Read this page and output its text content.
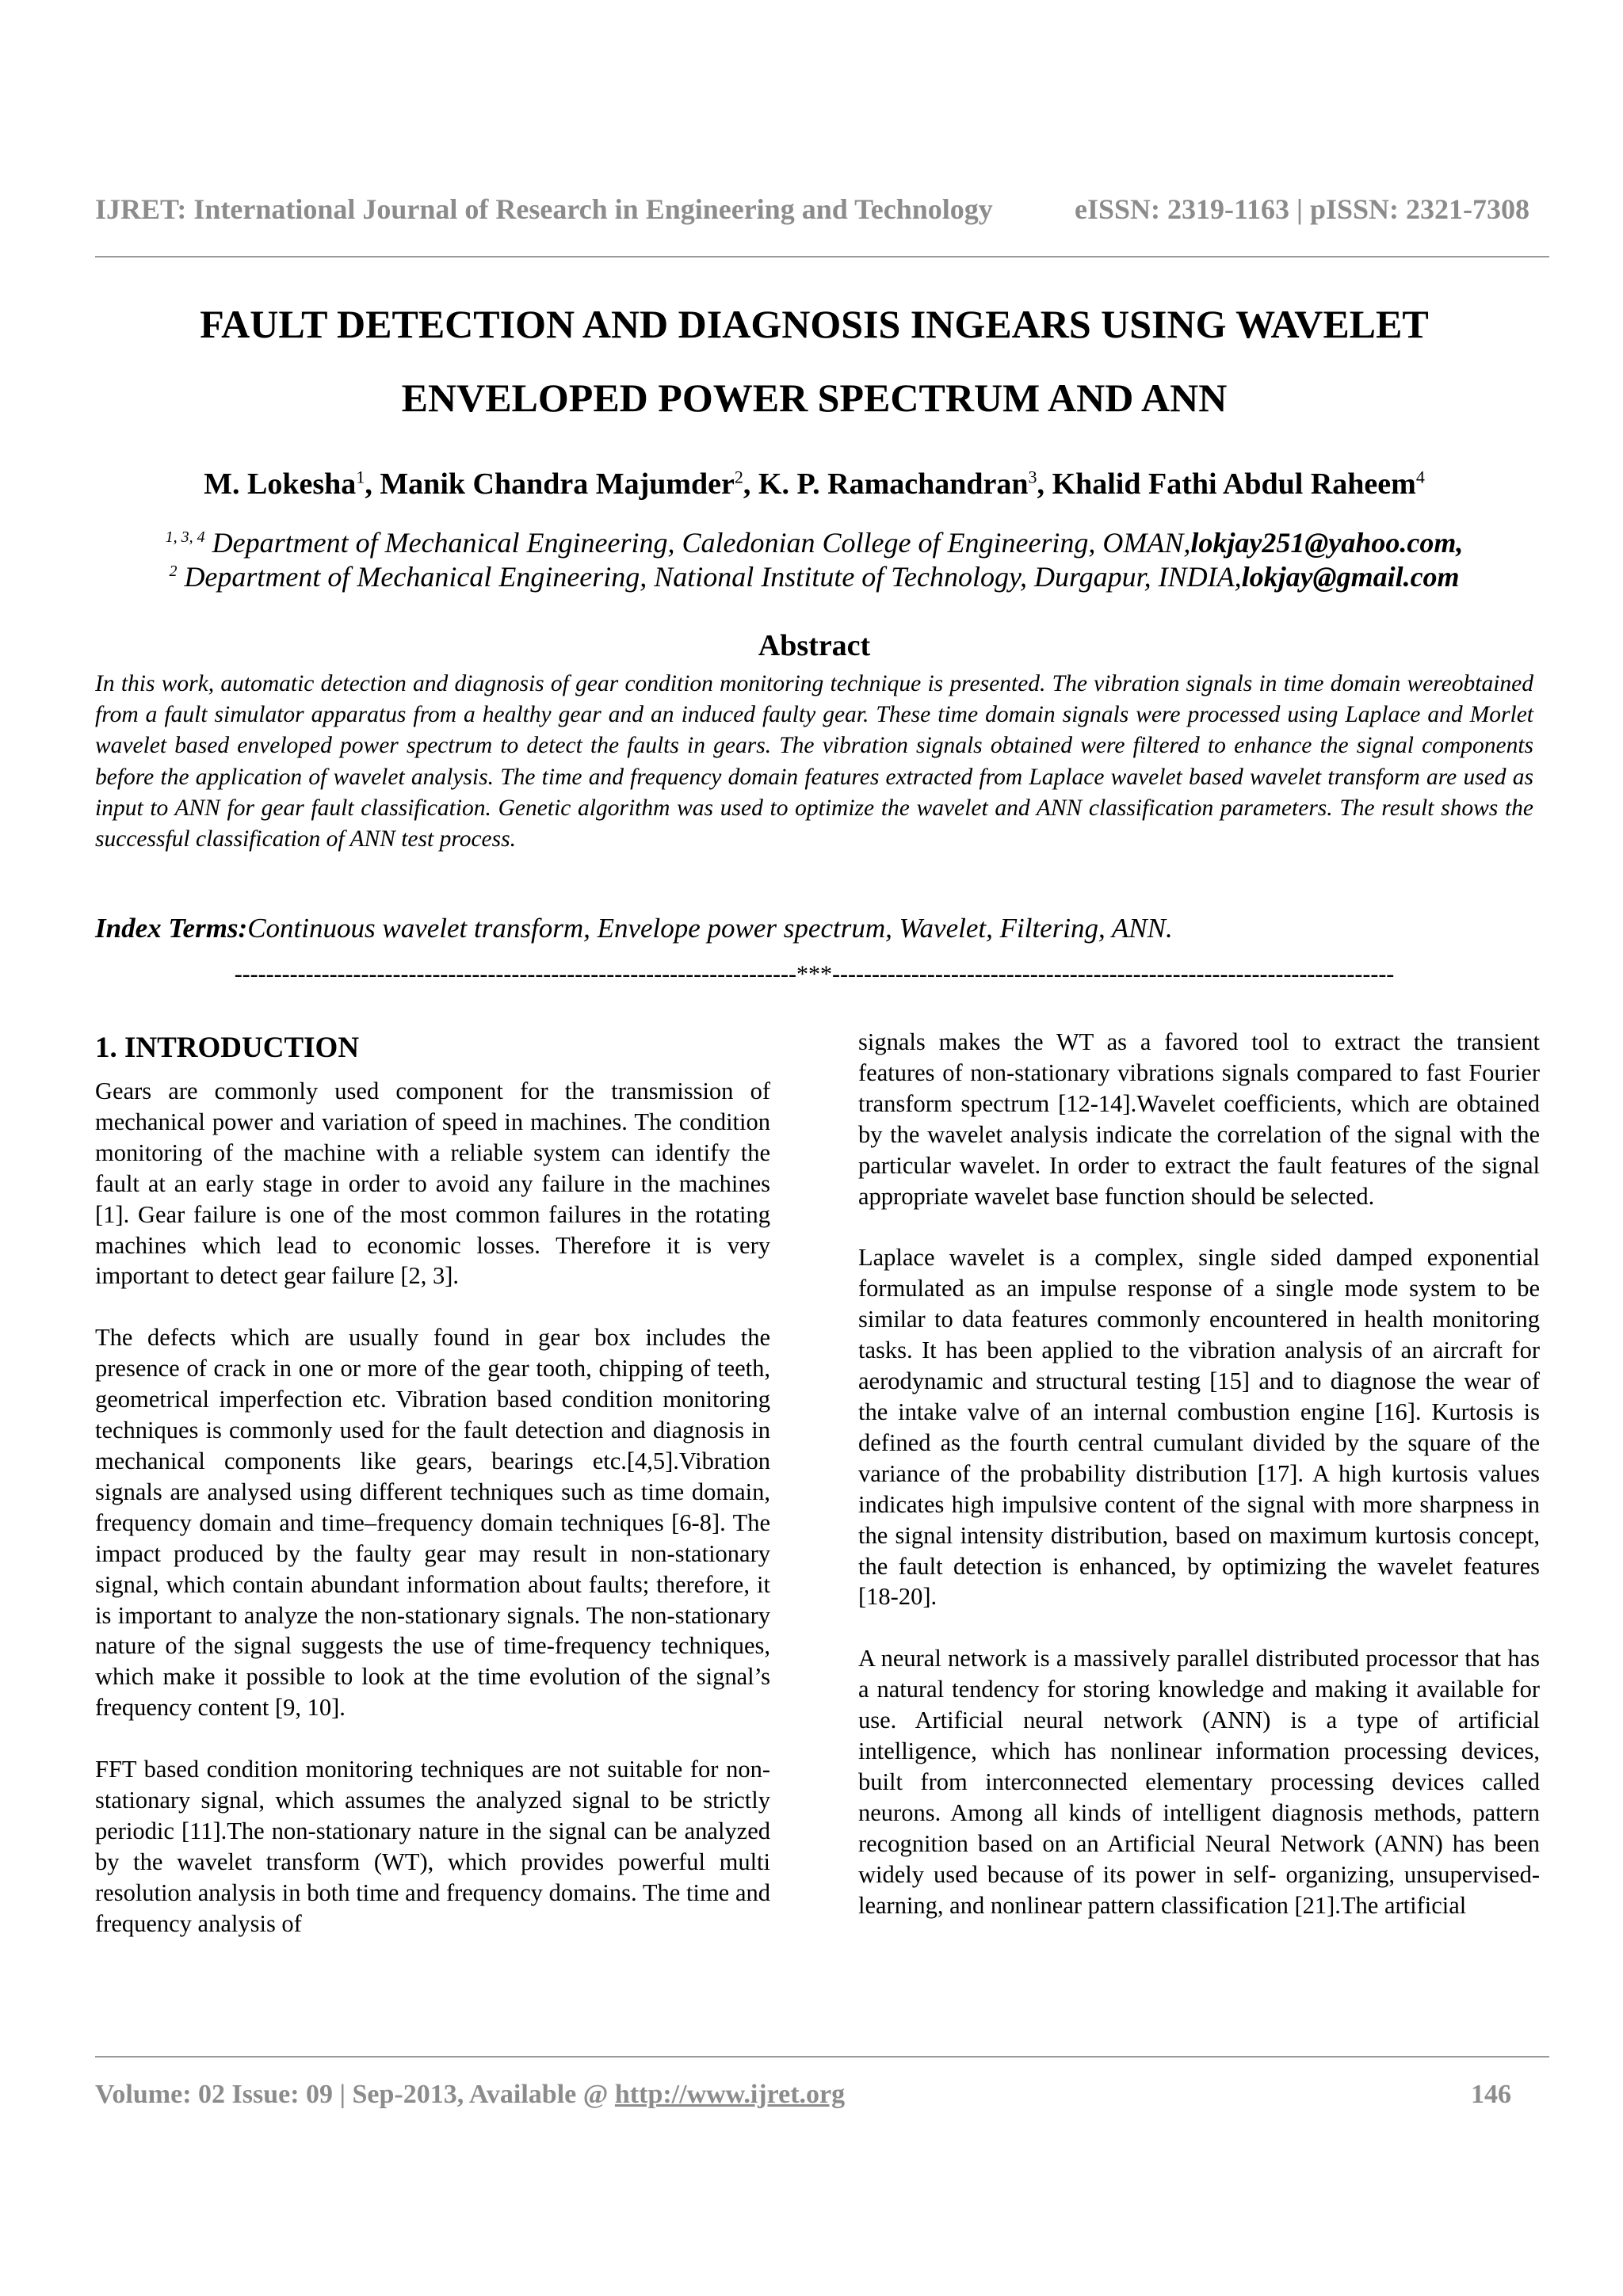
IJRET: International Journal of Research in Engineering and Technology	eISSN: 2319-1163 | pISSN: 2321-7308
FAULT DETECTION AND DIAGNOSIS INGEARS USING WAVELET
ENVELOPED POWER SPECTRUM AND ANN
M. Lokesha$^1$, Manik Chandra Majumder$^2$, K. P. Ramachandran$^3$, Khalid Fathi Abdul Raheem$^4$
$^{1, 3, 4}$ Department of Mechanical Engineering, Caledonian College of Engineering, OMAN,lokjay251@yahoo.com,
$^2$ Department of Mechanical Engineering, National Institute of Technology, Durgapur, INDIA,lokjay@gmail.com
Abstract
In this work, automatic detection and diagnosis of gear condition monitoring technique is presented. The vibration signals in time domain wereobtained from a fault simulator apparatus from a healthy gear and an induced faulty gear. These time domain signals were processed using Laplace and Morlet wavelet based enveloped power spectrum to detect the faults in gears. The vibration signals obtained were filtered to enhance the signal components before the application of wavelet analysis. The time and frequency domain features extracted from Laplace wavelet based wavelet transform are used as input to ANN for gear fault classification. Genetic algorithm was used to optimize the wavelet and ANN classification parameters. The result shows the successful classification of ANN test process.
Index Terms:Continuous wavelet transform, Envelope power spectrum, Wavelet, Filtering, ANN.
-----------------------------------------------------------------------***-----------------------------------------------------------------------
1. INTRODUCTION

Gears are commonly used component for the transmission of mechanical power and variation of speed in machines. The condition monitoring of the machine with a reliable system can identify the fault at an early stage in order to avoid any failure in the machines [1]. Gear failure is one of the most common failures in the rotating machines which lead to economic losses. Therefore it is very important to detect gear failure [2, 3].

The defects which are usually found in gear box includes the presence of crack in one or more of the gear tooth, chipping of teeth, geometrical imperfection etc. Vibration based condition monitoring techniques is commonly used for the fault detection and diagnosis in mechanical components like gears, bearings etc.[4,5].Vibration signals are analysed using different techniques such as time domain, frequency domain and time–frequency domain techniques [6-8]. The impact produced by the faulty gear may result in non-stationary signal, which contain abundant information about faults; therefore, it is important to analyze the non-stationary signals. The non-stationary nature of the signal suggests the use of time-frequency techniques, which make it possible to look at the time evolution of the signal’s frequency content [9, 10].

FFT based condition monitoring techniques are not suitable for non-stationary signal, which assumes the analyzed signal to be strictly periodic [11].The non-stationary nature in the signal can be analyzed by the wavelet transform (WT), which provides powerful multi resolution analysis in both time and frequency domains. The time and frequency analysis of

signals makes the WT as a favored tool to extract the transient features of non-stationary vibrations signals compared to fast Fourier transform spectrum [12-14].Wavelet coefficients, which are obtained by the wavelet analysis indicate the correlation of the signal with the particular wavelet. In order to extract the fault features of the signal appropriate wavelet base function should be selected.

Laplace wavelet is a complex, single sided damped exponential formulated as an impulse response of a single mode system to be similar to data features commonly encountered in health monitoring tasks. It has been applied to the vibration analysis of an aircraft for aerodynamic and structural testing [15] and to diagnose the wear of the intake valve of an internal combustion engine [16]. Kurtosis is defined as the fourth central cumulant divided by the square of the variance of the probability distribution [17]. A high kurtosis values indicates high impulsive content of the signal with more sharpness in the signal intensity distribution, based on maximum kurtosis concept, the fault detection is enhanced, by optimizing the wavelet features [18-20].

A neural network is a massively parallel distributed processor that has a natural tendency for storing knowledge and making it available for use. Artificial neural network (ANN) is a type of artificial intelligence, which has nonlinear information processing devices, built from interconnected elementary processing devices called neurons. Among all kinds of intelligent diagnosis methods, pattern recognition based on an Artificial Neural Network (ANN) has been widely used because of its power in self- organizing, unsupervised-learning, and nonlinear pattern classification [21].The artificial

Volume: 02 Issue: 09 | Sep-2013, Available @ http://www.ijret.org	146
